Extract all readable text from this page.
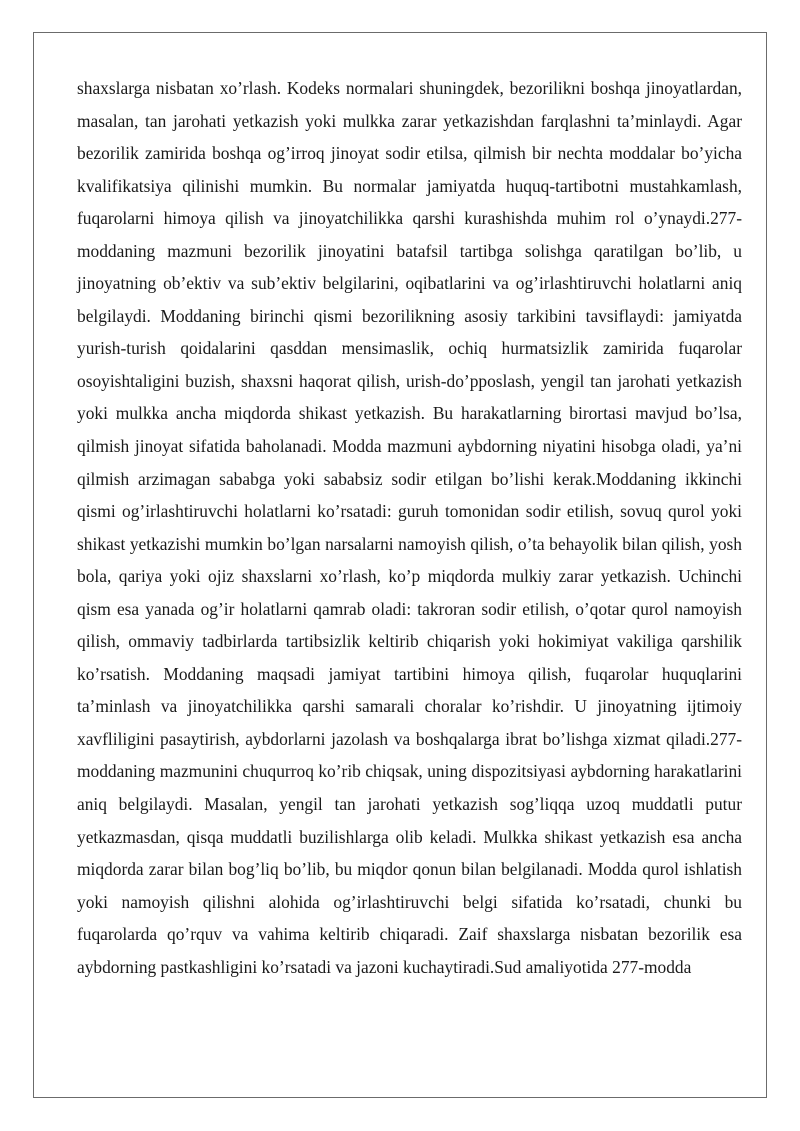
shaxslarga nisbatan xo’rlash. Kodeks normalari shuningdek, bezorilikni boshqa jinoyatlardan, masalan, tan jarohati yetkazish yoki mulkka zarar yetkazishdan farqlashni ta’minlaydi. Agar bezorilik zamirida boshqa og’irroq jinoyat sodir etilsa, qilmish bir nechta moddalar bo’yicha kvalifikatsiya qilinishi mumkin. Bu normalar jamiyatda huquq-tartibotni mustahkamlash, fuqarolarni himoya qilish va jinoyatchilikka qarshi kurashishda muhim rol o’ynaydi.277-moddaning mazmuni bezorilik jinoyatini batafsil tartibga solishga qaratilgan bo’lib, u jinoyatning ob’ektiv va sub’ektiv belgilarini, oqibatlarini va og’irlashtiruvchi holatlarni aniq belgilaydi. Moddaning birinchi qismi bezorilikning asosiy tarkibini tavsiflaydi: jamiyatda yurish-turish qoidalarini qasddan mensimaslik, ochiq hurmatsizlik zamirida fuqarolar osoyishtaligini buzish, shaxsni haqorat qilish, urish-do’pposlash, yengil tan jarohati yetkazish yoki mulkka ancha miqdorda shikast yetkazish. Bu harakatlarning birortasi mavjud bo’lsa, qilmish jinoyat sifatida baholanadi. Modda mazmuni aybdorning niyatini hisobga oladi, ya’ni qilmish arzimagan sababga yoki sababsiz sodir etilgan bo’lishi kerak.Moddaning ikkinchi qismi og’irlashtiruvchi holatlarni ko’rsatadi: guruh tomonidan sodir etilish, sovuq qurol yoki shikast yetkazishi mumkin bo’lgan narsalarni namoyish qilish, o’ta behayolik bilan qilish, yosh bola, qariya yoki ojiz shaxslarni xo’rlash, ko’p miqdorda mulkiy zarar yetkazish. Uchinchi qism esa yanada og’ir holatlarni qamrab oladi: takroran sodir etilish, o’qotar qurol namoyish qilish, ommaviy tadbirlarda tartibsizlik keltirib chiqarish yoki hokimiyat vakiliga qarshilik ko’rsatish. Moddaning maqsadi jamiyat tartibini himoya qilish, fuqarolar huquqlarini ta’minlash va jinoyatchilikka qarshi samarali choralar ko’rishdir. U jinoyatning ijtimoiy xavfliligini pasaytirish, aybdorlarni jazolash va boshqalarga ibrat bo’lishga xizmat qiladi.277-moddaning mazmunini chuqurroq ko’rib chiqsak, uning dispozitsiyasi aybdorning harakatlarini aniq belgilaydi. Masalan, yengil tan jarohati yetkazish sog’liqqa uzoq muddatli putur yetkazmasdan, qisqa muddatli buzilishlarga olib keladi. Mulkka shikast yetkazish esa ancha miqdorda zarar bilan bog’liq bo’lib, bu miqdor qonun bilan belgilanadi. Modda qurol ishlatish yoki namoyish qilishni alohida og’irlashtiruvchi belgi sifatida ko’rsatadi, chunki bu fuqarolarda qo’rquv va vahima keltirib chiqaradi. Zaif shaxslarga nisbatan bezorilik esa aybdorning pastkashligini ko’rsatadi va jazoni kuchaytiradi.Sud amaliyotida 277-modda
